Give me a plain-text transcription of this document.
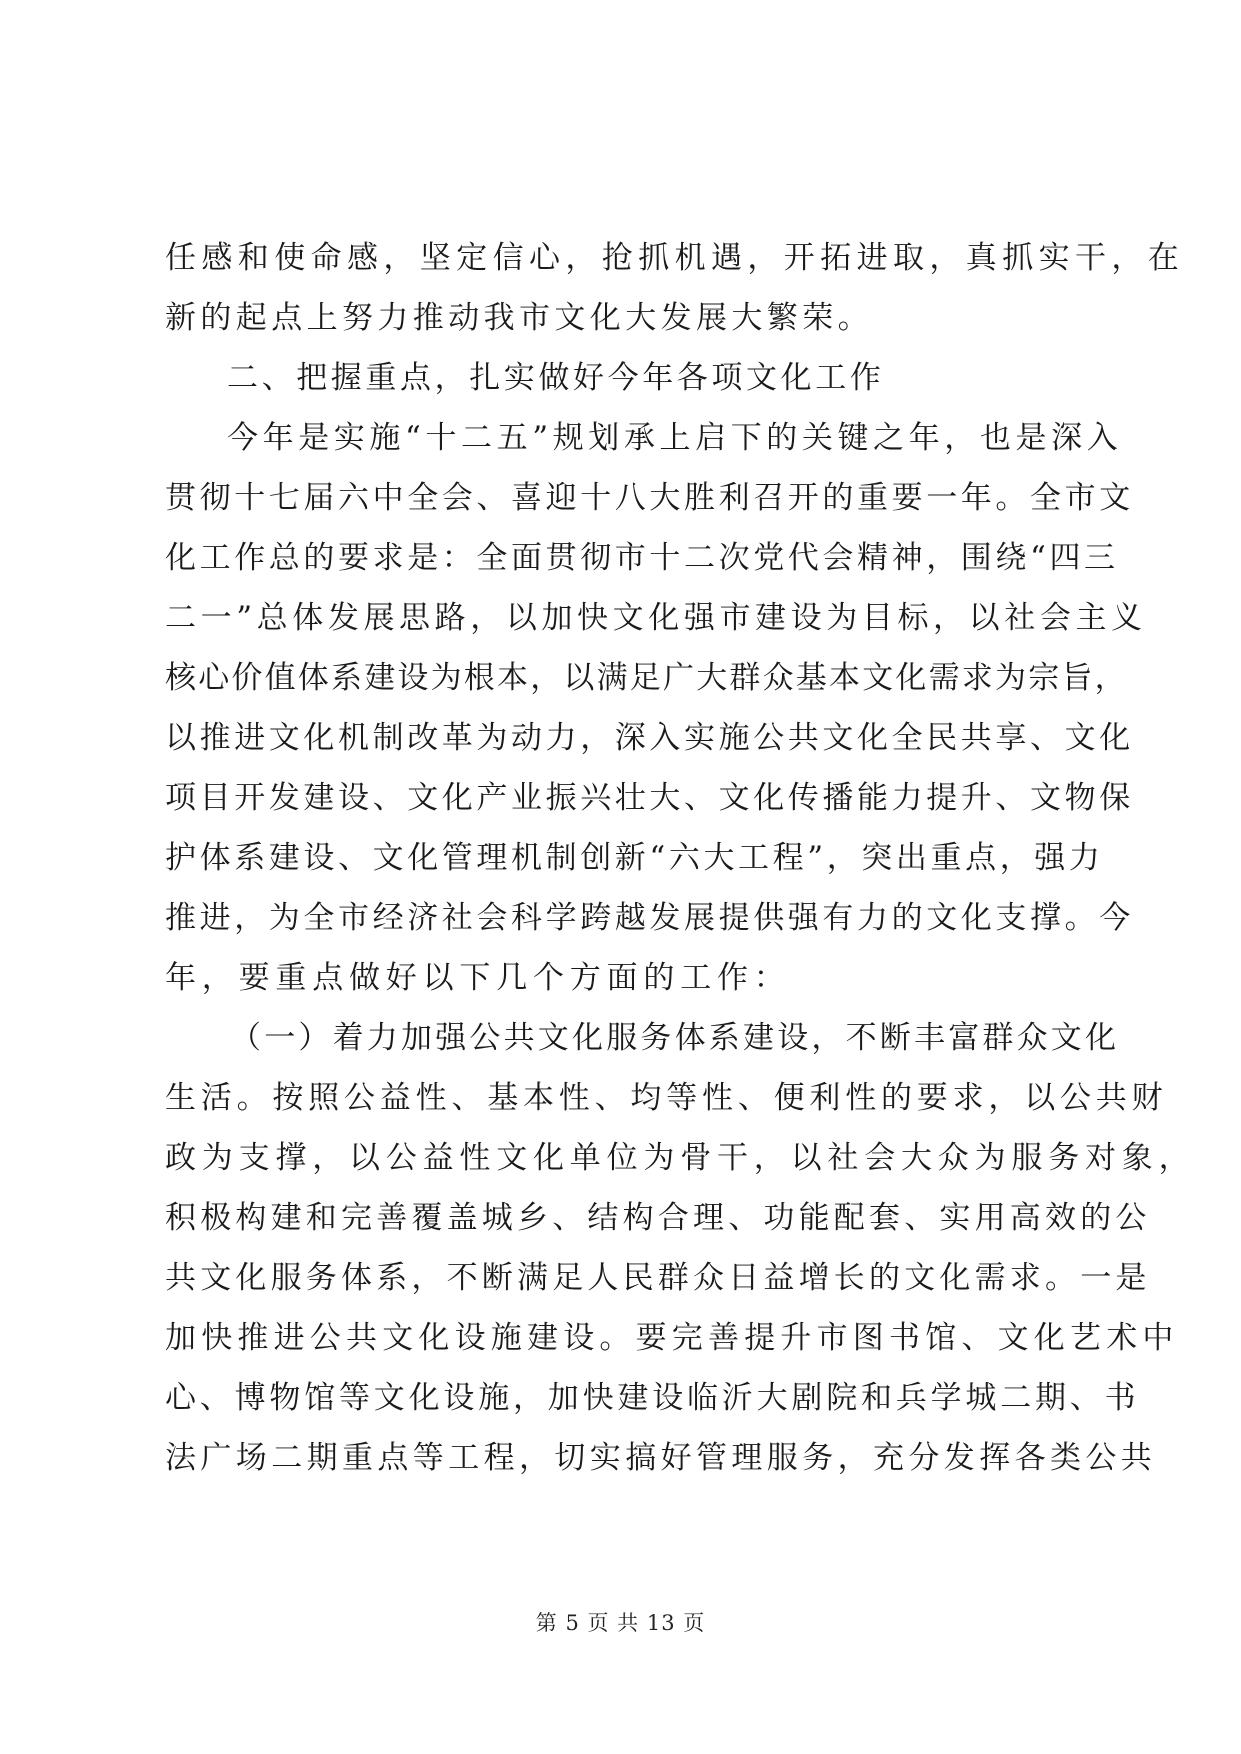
任感和使命感，坚定信心，抢抓机遇，开拓进取，真抓实干，在
新的起点上努力推动我市文化大发展大繁荣。
二、把握重点，扎实做好今年各项文化工作
今年是实施“十二五”规划承上启下的关键之年，也是深入
贯彻十七届六中全会、喜迎十八大胜利召开的重要一年。全市文
化工作总的要求是：全面贯彻市十二次党代会精神，围绕“四三
二一”总体发展思路，以加快文化强市建设为目标，以社会主义
核心价值体系建设为根本，以满足广大群众基本文化需求为宗旨，
以推进文化机制改革为动力，深入实施公共文化全民共享、文化
项目开发建设、文化产业振兴壮大、文化传播能力提升、文物保
护体系建设、文化管理机制创新“六大工程”，突出重点，强力
推进，为全市经济社会科学跨越发展提供强有力的文化支撑。今
年，要重点做好以下几个方面的工作：
（一）着力加强公共文化服务体系建设，不断丰富群众文化
生活。按照公益性、基本性、均等性、便利性的要求，以公共财
政为支撑，以公益性文化单位为骨干，以社会大众为服务对象，
积极构建和完善覆盖城乡、结构合理、功能配套、实用高效的公
共文化服务体系，不断满足人民群众日益增长的文化需求。一是
加快推进公共文化设施建设。要完善提升市图书馆、文化艺术中
心、博物馆等文化设施，加快建设临沂大剧院和兵学城二期、书
法广场二期重点等工程，切实搞好管理服务，充分发挥各类公共
第 5 页 共 13 页
